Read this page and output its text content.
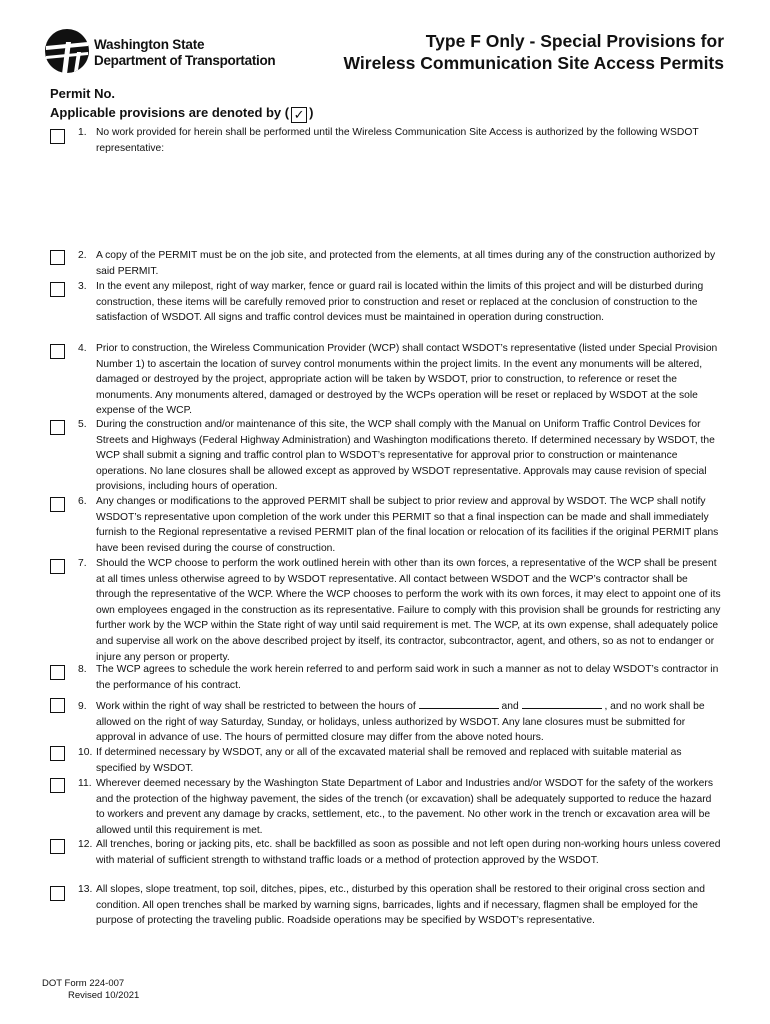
Washington State
Department of Transportation
Type F Only - Special Provisions for
Wireless Communication Site Access Permits
Permit No.
Applicable provisions are denoted by ( ✓ )
1. No work provided for herein shall be performed until the Wireless Communication Site Access is authorized by the following WSDOT representative:
2. A copy of the PERMIT must be on the job site, and protected from the elements, at all times during any of the construction authorized by said PERMIT.
3. In the event any milepost, right of way marker, fence or guard rail is located within the limits of this project and will be disturbed during construction, these items will be carefully removed prior to construction and reset or replaced at the conclusion of construction to the satisfaction of WSDOT. All signs and traffic control devices must be maintained in operation during construction.
4. Prior to construction, the Wireless Communication Provider (WCP) shall contact WSDOT’s representative (listed under Special Provision Number 1) to ascertain the location of survey control monuments within the project limits. In the event any monuments will be altered, damaged or destroyed by the project, appropriate action will be taken by WSDOT, prior to construction, to reference or reset the monuments. Any monuments altered, damaged or destroyed by the WCPs operation will be reset or replaced by WSDOT at the sole expense of the WCP.
5. During the construction and/or maintenance of this site, the WCP shall comply with the Manual on Uniform Traffic Control Devices for Streets and Highways (Federal Highway Administration) and Washington modifications thereto. If determined necessary by WSDOT, the WCP shall submit a signing and traffic control plan to WSDOT’s representative for approval prior to construction or maintenance operations. No lane closures shall be allowed except as approved by WSDOT representative. Approvals may cause revision of special provisions, including hours of operation.
6. Any changes or modifications to the approved PERMIT shall be subject to prior review and approval by WSDOT. The WCP shall notify WSDOT’s representative upon completion of the work under this PERMIT so that a final inspection can be made and shall immediately furnish to the Regional representative a revised PERMIT plan of the final location or relocation of its facilities if the original PERMIT plans have been revised during the course of construction.
7. Should the WCP choose to perform the work outlined herein with other than its own forces, a representative of the WCP shall be present at all times unless otherwise agreed to by WSDOT representative. All contact between WSDOT and the WCP’s contractor shall be through the representative of the WCP. Where the WCP chooses to perform the work with its own forces, it may elect to appoint one of its own employees engaged in the construction as its representative. Failure to comply with this provision shall be grounds for restricting any further work by the WCP within the State right of way until said requirement is met. The WCP, at its own expense, shall adequately police and supervise all work on the above described project by itself, its contractor, subcontractor, agent, and others, so as not to endanger or injure any person or property.
8. The WCP agrees to schedule the work herein referred to and perform said work in such a manner as not to delay WSDOT’s contractor in the performance of his contract.
9. Work within the right of way shall be restricted to between the hours of	and	, and no work shall be allowed on the right of way Saturday, Sunday, or holidays, unless authorized by WSDOT. Any lane closures must be submitted for approval in advance of use. The hours of permitted closure may differ from the above noted hours.
10. If determined necessary by WSDOT, any or all of the excavated material shall be removed and replaced with suitable material as specified by WSDOT.
11. Wherever deemed necessary by the Washington State Department of Labor and Industries and/or WSDOT for the safety of the workers and the protection of the highway pavement, the sides of the trench (or excavation) shall be adequately supported to reduce the hazard to workers and prevent any damage by cracks, settlement, etc., to the pavement. No other work in the trench or excavation area will be allowed until this requirement is met.
12. All trenches, boring or jacking pits, etc. shall be backfilled as soon as possible and not left open during non-working hours unless covered with material of sufficient strength to withstand traffic loads or a method of protection approved by the WSDOT.
13. All slopes, slope treatment, top soil, ditches, pipes, etc., disturbed by this operation shall be restored to their original cross section and condition. All open trenches shall be marked by warning signs, barricades, lights and if necessary, flagmen shall be employed for the purpose of protecting the traveling public. Roadside operations may be specified by WSDOT’s representative.
DOT Form 224-007
Revised 10/2021
